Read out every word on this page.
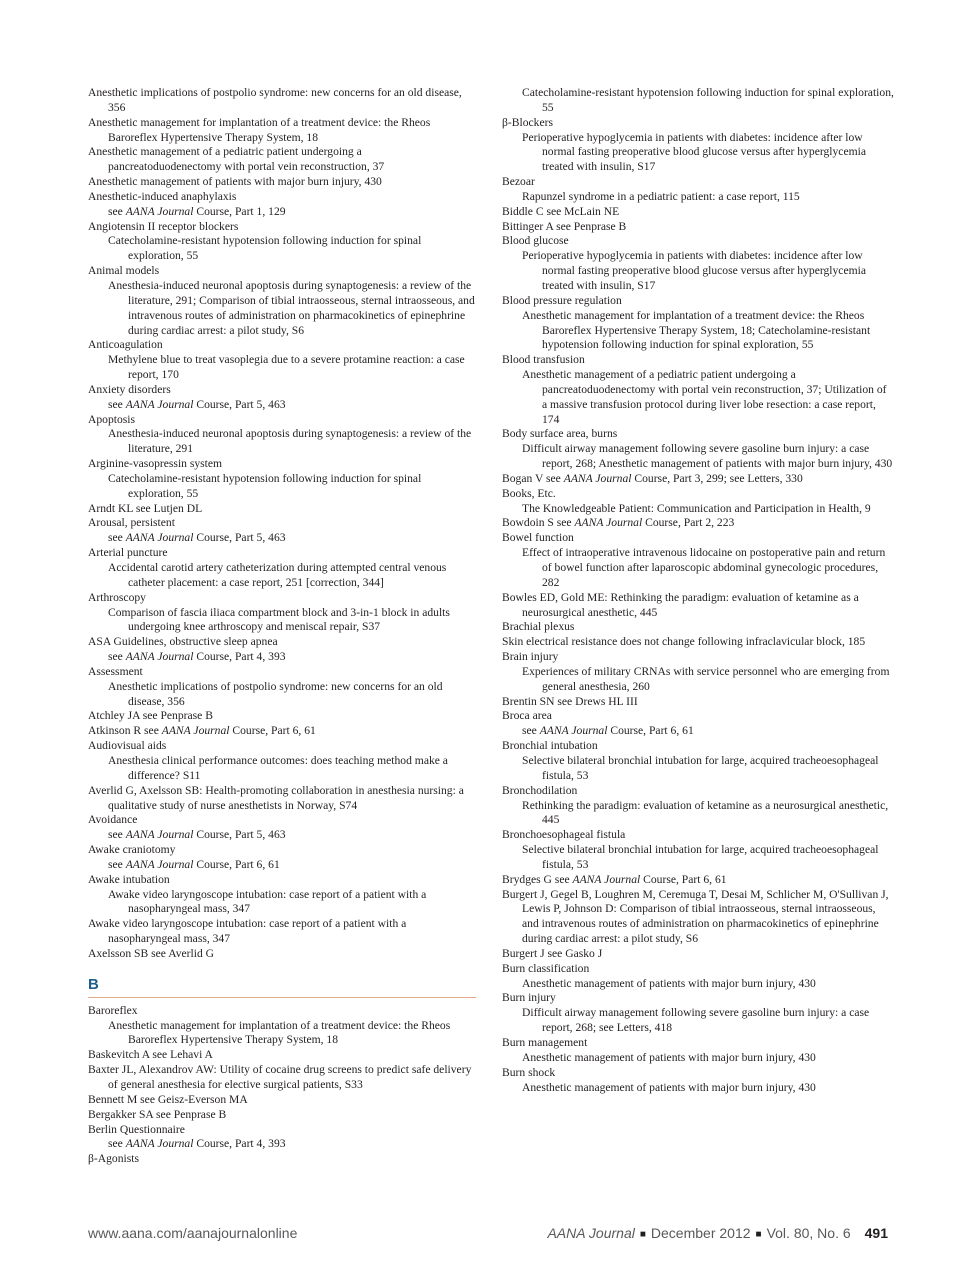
Anesthetic implications of postpolio syndrome: new concerns for an old disease, 356

Anesthetic management for implantation of a treatment device: the Rheos Baroreflex Hypertensive Therapy System, 18

Anesthetic management of a pediatric patient undergoing a pancreatoduodenectomy with portal vein reconstruction, 37

Anesthetic management of patients with major burn injury, 430

Anesthetic-induced anaphylaxis

see AANA Journal Course, Part 1, 129

Angiotensin II receptor blockers

Catecholamine-resistant hypotension following induction for spinal exploration, 55

Animal models

Anesthesia-induced neuronal apoptosis during synaptogenesis: a review of the literature, 291; Comparison of tibial intraosseous, sternal intraosseous, and intravenous routes of administration on pharmacokinetics of epinephrine during cardiac arrest: a pilot study, S6

Anticoagulation

Methylene blue to treat vasoplegia due to a severe protamine reaction: a case report, 170

Anxiety disorders

see AANA Journal Course, Part 5, 463

Apoptosis

Anesthesia-induced neuronal apoptosis during synaptogenesis: a review of the literature, 291

Arginine-vasopressin system

Catecholamine-resistant hypotension following induction for spinal exploration, 55

Arndt KL see Lutjen DL

Arousal, persistent

see AANA Journal Course, Part 5, 463

Arterial puncture

Accidental carotid artery catheterization during attempted central venous catheter placement: a case report, 251 [correction, 344]

Arthroscopy

Comparison of fascia iliaca compartment block and 3-in-1 block in adults undergoing knee arthroscopy and meniscal repair, S37

ASA Guidelines, obstructive sleep apnea

see AANA Journal Course, Part 4, 393

Assessment

Anesthetic implications of postpolio syndrome: new concerns for an old disease, 356

Atchley JA see Penprase B

Atkinson R see AANA Journal Course, Part 6, 61

Audiovisual aids

Anesthesia clinical performance outcomes: does teaching method make a difference? S11

Averlid G, Axelsson SB: Health-promoting collaboration in anesthesia nursing: a qualitative study of nurse anesthetists in Norway, S74

Avoidance

see AANA Journal Course, Part 5, 463

Awake craniotomy

see AANA Journal Course, Part 6, 61

Awake intubation

Awake video laryngoscope intubation: case report of a patient with a nasopharyngeal mass, 347

Awake video laryngoscope intubation: case report of a patient with a nasopharyngeal mass, 347

Axelsson SB see Averlid G

B

Baroreflex

Anesthetic management for implantation of a treatment device: the Rheos Baroreflex Hypertensive Therapy System, 18

Baskevitch A see Lehavi A

Baxter JL, Alexandrov AW: Utility of cocaine drug screens to predict safe delivery of general anesthesia for elective surgical patients, S33

Bennett M see Geisz-Everson MA

Bergakker SA see Penprase B

Berlin Questionnaire

see AANA Journal Course, Part 4, 393

β-Agonists

Catecholamine-resistant hypotension following induction for spinal exploration, 55

β-Blockers

Perioperative hypoglycemia in patients with diabetes: incidence after low normal fasting preoperative blood glucose versus after hyperglycemia treated with insulin, S17

Bezoar

Rapunzel syndrome in a pediatric patient: a case report, 115

Biddle C see McLain NE

Bittinger A see Penprase B

Blood glucose

Perioperative hypoglycemia in patients with diabetes: incidence after low normal fasting preoperative blood glucose versus after hyperglycemia treated with insulin, S17

Blood pressure regulation

Anesthetic management for implantation of a treatment device: the Rheos Baroreflex Hypertensive Therapy System, 18; Catecholamine-resistant hypotension following induction for spinal exploration, 55

Blood transfusion

Anesthetic management of a pediatric patient undergoing a pancreatoduodenectomy with portal vein reconstruction, 37; Utilization of a massive transfusion protocol during liver lobe resection: a case report, 174

Body surface area, burns

Difficult airway management following severe gasoline burn injury: a case report, 268; Anesthetic management of patients with major burn injury, 430

Bogan V see AANA Journal Course, Part 3, 299; see Letters, 330

Books, Etc.

The Knowledgeable Patient: Communication and Participation in Health, 9

Bowdoin S see AANA Journal Course, Part 2, 223

Bowel function

Effect of intraoperative intravenous lidocaine on postoperative pain and return of bowel function after laparoscopic abdominal gynecologic procedures, 282

Bowles ED, Gold ME: Rethinking the paradigm: evaluation of ketamine as a neurosurgical anesthetic, 445

Brachial plexus

Skin electrical resistance does not change following infraclavicular block, 185

Brain injury

Experiences of military CRNAs with service personnel who are emerging from general anesthesia, 260

Brentin SN see Drews HL III

Broca area

see AANA Journal Course, Part 6, 61

Bronchial intubation

Selective bilateral bronchial intubation for large, acquired tracheoesophageal fistula, 53

Bronchodilation

Rethinking the paradigm: evaluation of ketamine as a neurosurgical anesthetic, 445

Bronchoesophageal fistula

Selective bilateral bronchial intubation for large, acquired tracheoesophageal fistula, 53

Brydges G see AANA Journal Course, Part 6, 61

Burgert J, Gegel B, Loughren M, Ceremuga T, Desai M, Schlicher M, O'Sullivan J, Lewis P, Johnson D: Comparison of tibial intraosseous, sternal intraosseous, and intravenous routes of administration on pharmacokinetics of epinephrine during cardiac arrest: a pilot study, S6

Burgert J see Gasko J

Burn classification

Anesthetic management of patients with major burn injury, 430

Burn injury

Difficult airway management following severe gasoline burn injury: a case report, 268; see Letters, 418

Burn management

Anesthetic management of patients with major burn injury, 430

Burn shock

Anesthetic management of patients with major burn injury, 430
www.aana.com/aanajournalonline	AANA Journal ■ December 2012 ■ Vol. 80, No. 6 491
